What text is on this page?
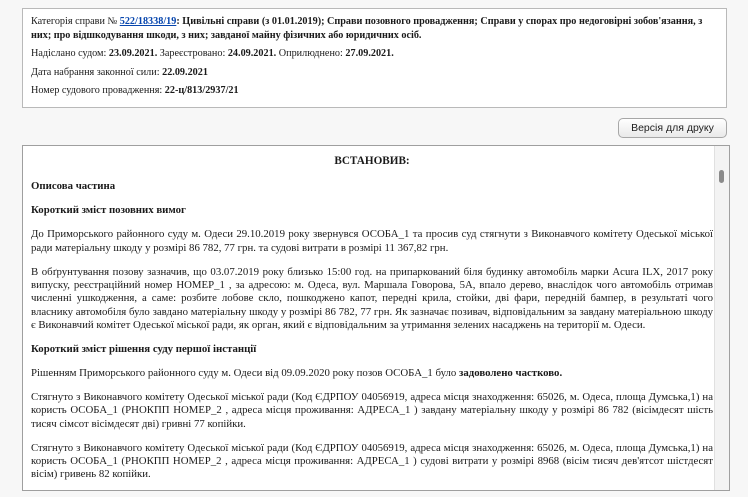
Категорія справи № 522/18338/19: Цивільні справи (з 01.01.2019); Справи позовного провадження; Справи у спорах про недоговірні зобов'язання, з них; про відшкодування шкоди, з них; завданої майну фізичних або юридичних осіб.

Надіслано судом: 23.09.2021. Зареєстровано: 24.09.2021. Оприлюднено: 27.09.2021.

Дата набрання законної сили: 22.09.2021

Номер судового провадження: 22-ц/813/2937/21

Версія для друку

ВСТАНОВИВ:

Описова частина

Короткий зміст позовних вимог

До Приморського районного суду м. Одеси 29.10.2019 року звернувся ОСОБА_1 та просив суд стягнути з Виконавчого комітету Одеської міської ради матеріальну шкоду у розмірі 86 782, 77 грн. та судові витрати в розмірі 11 367,82 грн.

В обґрунтування позову зазначив, що 03.07.2019 року близько 15:00 год. на припаркований біля будинку автомобіль марки Acura ILX, 2017 року випуску, реєстраційний номер НОМЕР_1 , за адресою: м. Одеса, вул. Маршала Говорова, 5А, впало дерево, внаслідок чого автомобіль отримав численні ушкодження, а саме: розбите лобове скло, пошкоджено капот, передні крила, стойки, дві фари, передній бампер, в результаті чого власнику автомобіля було завдано матеріальну шкоду у розмірі 86 782, 77 грн. Як зазначає позивач, відповідальним за завдану матеріальною шкоду є Виконавчий комітет Одеської міської ради, як орган, який є відповідальним за утримання зелених насаджень на території м. Одеси.

Короткий зміст рішення суду першої інстанції

Рішенням Приморського районного суду м. Одеси від 09.09.2020 року позов ОСОБА_1 було задоволено частково.

Стягнуто з Виконавчого комітету Одеської міської ради (Код ЄДРПОУ 04056919, адреса місця знаходження: 65026, м. Одеса, площа Думська,1) на користь ОСОБА_1 (РНОКПП НОМЕР_2 , адреса місця проживання: АДРЕСА_1 ) завдану матеріальну шкоду у розмірі 86 782 (вісімдесят шість тисяч сімсот вісімдесят дві) гривні 77 копійки.

Стягнуто з Виконавчого комітету Одеської міської ради (Код ЄДРПОУ 04056919, адреса місця знаходження: 65026, м. Одеса, площа Думська,1) на користь ОСОБА_1 (РНОКПП НОМЕР_2 , адреса місця проживання: АДРЕСА_1 ) судові витрати у розмірі 8968 (вісім тисяч дев'ятсот шістдесят вісім) гривень 82 копійки.
